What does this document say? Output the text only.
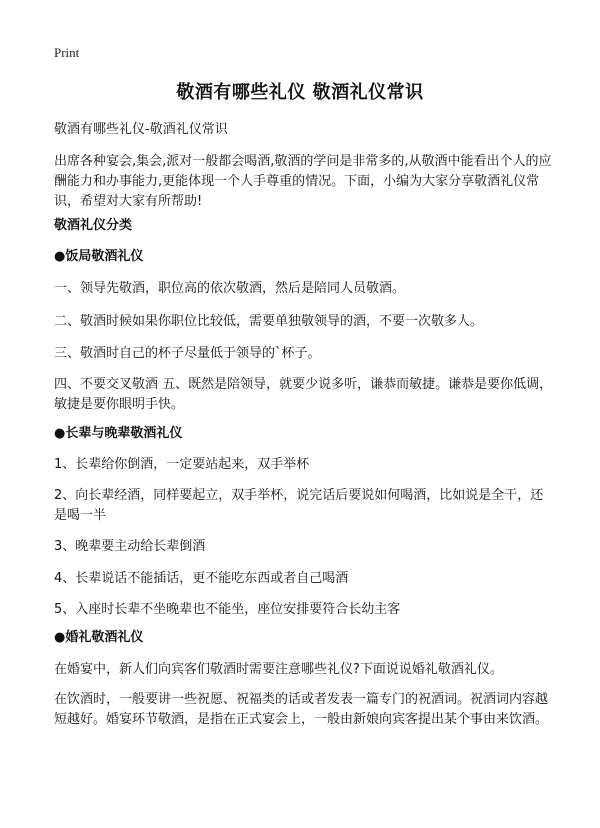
Print
敬酒有哪些礼仪 敬酒礼仪常识
敬酒有哪些礼仪-敬酒礼仪常识
出席各种宴会,集会,派对一般都会喝酒,敬酒的学问是非常多的,从敬酒中能看出个人的应酬能力和办事能力,更能体现一个人手尊重的情况。下面，小编为大家分享敬酒礼仪常识，希望对大家有所帮助!
敬酒礼仪分类
●饭局敬酒礼仪
一、领导先敬酒，职位高的依次敬酒，然后是陪同人员敬酒。
二、敬酒时候如果你职位比较低，需要单独敬领导的酒，不要一次敬多人。
三、敬酒时自己的杯子尽量低于领导的`杯子。
四、不要交叉敬酒 五、既然是陪领导，就要少说多听，谦恭而敏捷。谦恭是要你低调，敏捷是要你眼明手快。
●长辈与晚辈敬酒礼仪
1、长辈给你倒酒，一定要站起来，双手举杯
2、向长辈经酒，同样要起立，双手举杯，说完话后要说如何喝酒，比如说是全干，还是喝一半
3、晚辈要主动给长辈倒酒
4、长辈说话不能插话，更不能吃东西或者自己喝酒
5、入座时长辈不坐晚辈也不能坐，座位安排要符合长幼主客
●婚礼敬酒礼仪
在婚宴中，新人们向宾客们敬酒时需要注意哪些礼仪?下面说说婚礼敬酒礼仪。
在饮酒时，一般要讲一些祝愿、祝福类的话或者发表一篇专门的祝酒词。祝酒词内容越短越好。婚宴环节敬酒，是指在正式宴会上，一般由新娘向宾客提出某个事由来饮酒。
